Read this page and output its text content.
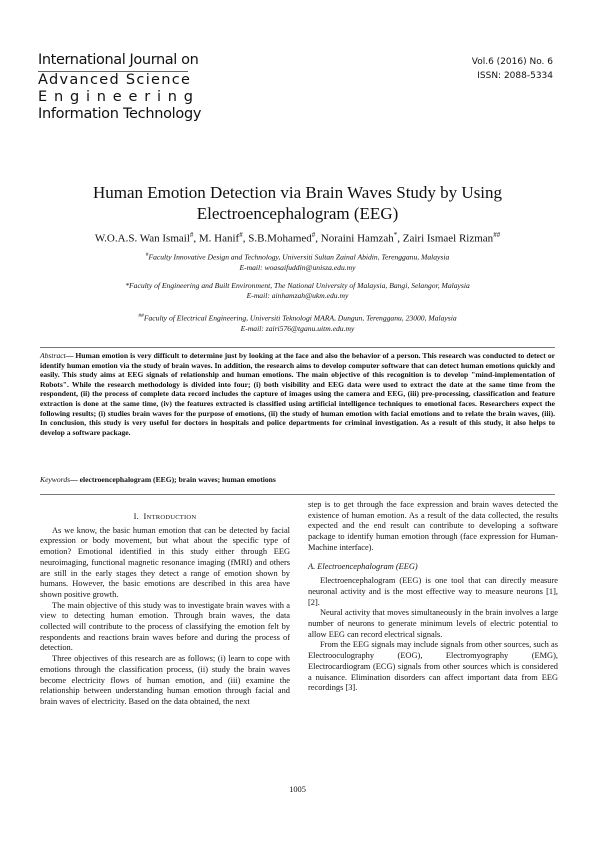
International Journal on
Advanced Science
Engineering
Information Technology
Vol.6 (2016) No. 6
ISSN: 2088-5334
Human Emotion Detection via Brain Waves Study by Using Electroencephalogram (EEG)
W.O.A.S. Wan Ismail#, M. Hanif#, S.B.Mohamed#, Noraini Hamzah*, Zairi Ismael Rizman##
#Faculty Innovative Design and Technology, Universiti Sultan Zainal Abidin, Terengganu, Malaysia
E-mail: woasaifuddin@unisza.edu.my
*Faculty of Engineering and Built Environment, The National University of Malaysia, Bangi, Selangor, Malaysia
E-mail: ainhamzah@ukm.edu.my
##Faculty of Electrical Engineering, Universiti Teknologi MARA, Dungun, Terengganu, 23000, Malaysia
E-mail: zairi576@tganu.uitm.edu.my
Abstract— Human emotion is very difficult to determine just by looking at the face and also the behavior of a person. This research was conducted to detect or identify human emotion via the study of brain waves. In addition, the research aims to develop computer software that can detect human emotions quickly and easily. This study aims at EEG signals of relationship and human emotions. The main objective of this recognition is to develop "mind-implementation of Robots". While the research methodology is divided into four; (i) both visibility and EEG data were used to extract the date at the same time from the respondent, (ii) the process of complete data record includes the capture of images using the camera and EEG, (iii) pre-processing, classification and feature extraction is done at the same time, (iv) the features extracted is classified using artificial intelligence techniques to emotional faces. Researchers expect the following results; (i) studies brain waves for the purpose of emotions, (ii) the study of human emotion with facial emotions and to relate the brain waves, (iii). In conclusion, this study is very useful for doctors in hospitals and police departments for criminal investigation. As a result of this study, it also helps to develop a software package.
Keywords— electroencephalogram (EEG); brain waves; human emotions
I. INTRODUCTION

As we know, the basic human emotion that can be detected by facial expression or body movement, but what about the specific type of emotion? Emotional identified in this study either through EEG neuroimaging, functional magnetic resonance imaging (fMRI) and others are still in the early stages they detect a range of emotion shown by humans. However, the basic emotions are described in this area have shown positive growth.

The main objective of this study was to investigate brain waves with a view to detecting human emotion. Through brain waves, the data collected will contribute to the process of classifying the emotion felt by respondents and reactions brain waves before and during the process of detection.

Three objectives of this research are as follows; (i) learn to cope with emotions through the classification process, (ii) study the brain waves become electricity flows of human emotion, and (iii) examine the relationship between understanding human emotion through facial and brain waves of electricity. Based on the data obtained, the next

step is to get through the face expression and brain waves detected the existence of human emotion. As a result of the data collected, the results expected and the end result can contribute to developing a software package to identify human emotion through (face expression for Human-Machine interface).

A. Electroencephalogram (EEG)

Electroencephalogram (EEG) is one tool that can directly measure neuronal activity and is the most effective way to measure neurons [1], [2].

Neural activity that moves simultaneously in the brain involves a large number of neurons to generate minimum levels of electric potential to allow EEG can record electrical signals.

From the EEG signals may include signals from other sources, such as Electrooculography (EOG), Electromyography (EMG), Electrocardiogram (ECG) signals from other sources which is considered a nuisance. Elimination disorders can affect important data from EEG recordings [3].

1005
